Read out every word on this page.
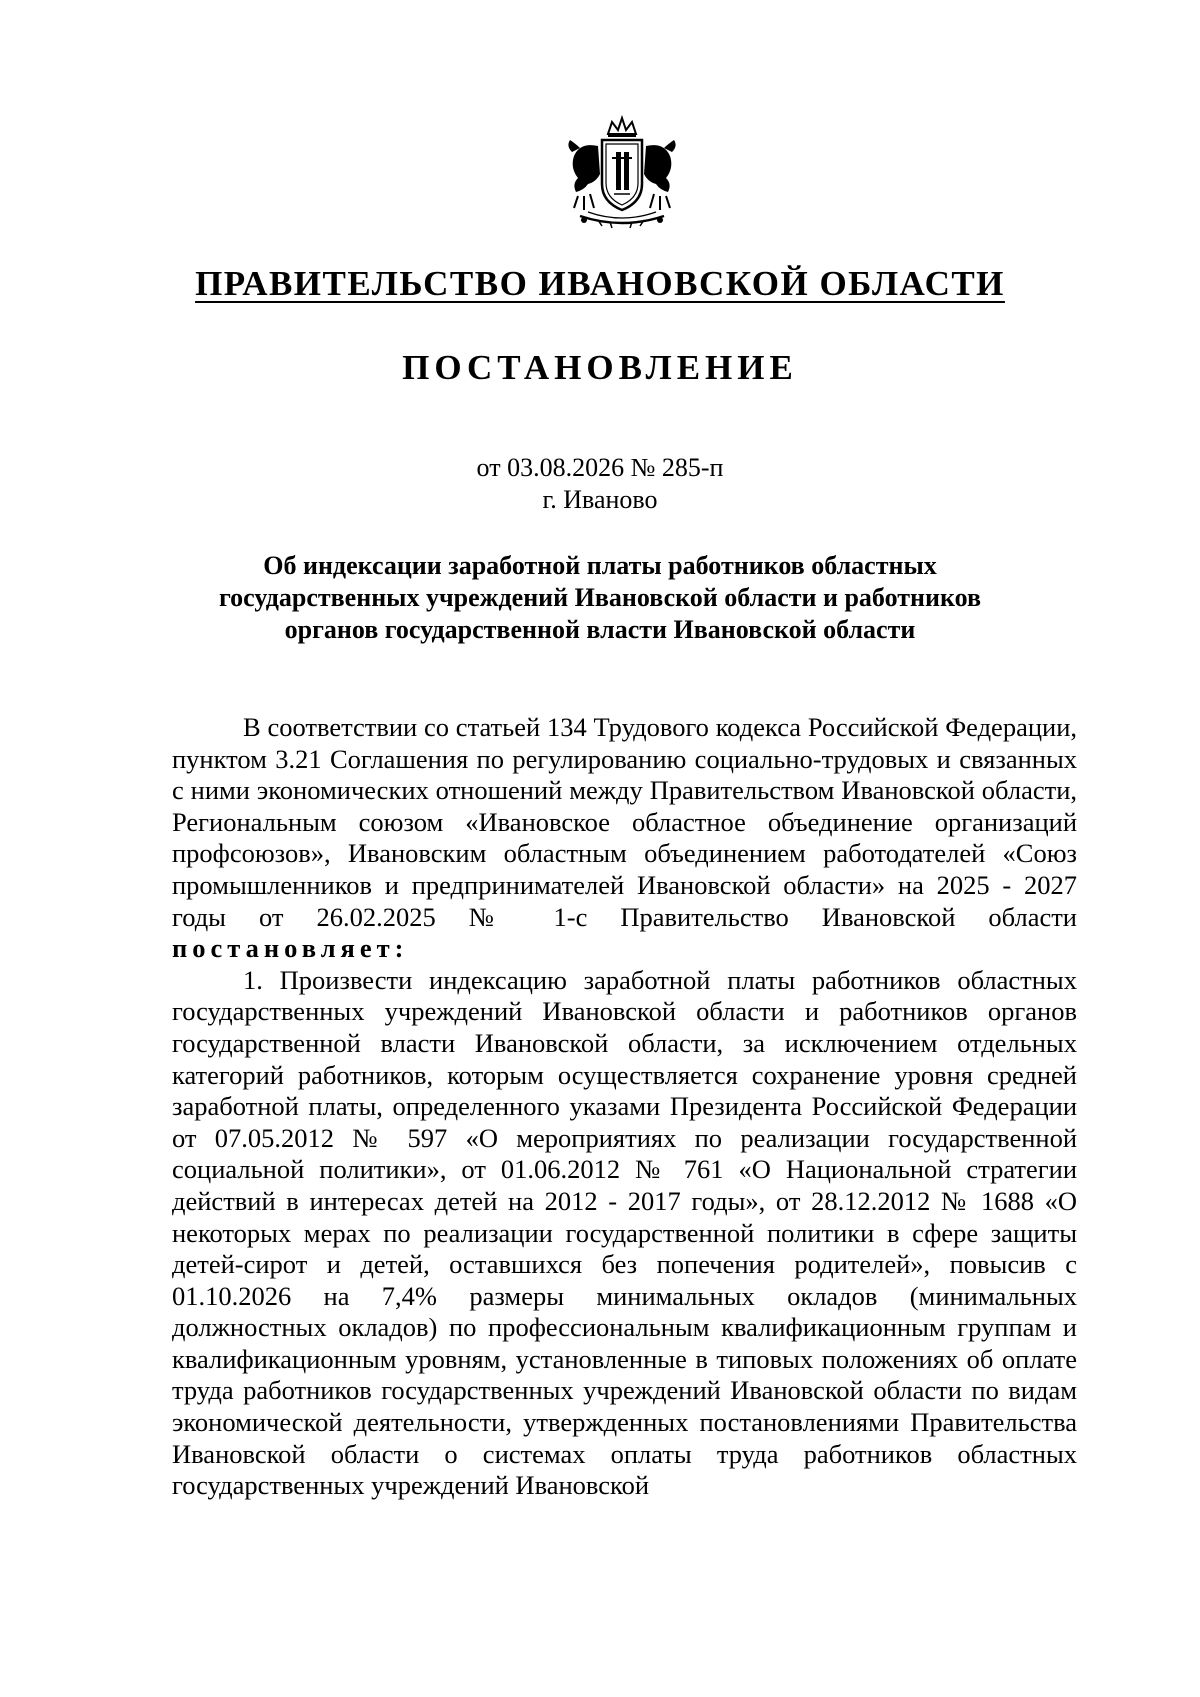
ПРАВИТЕЛЬСТВО ИВАНОВСКОЙ ОБЛАСТИ
ПОСТАНОВЛЕНИЕ
от 03.08.2026 № 285-п
г. Иваново
Об индексации заработной платы работников областных государственных учреждений Ивановской области и работников органов государственной власти Ивановской области

В соответствии со статьей 134 Трудового кодекса Российской Федерации, пунктом 3.21 Соглашения по регулированию социально-трудовых и связанных с ними экономических отношений между Правительством Ивановской области, Региональным союзом «Ивановское областное объединение организаций профсоюзов», Ивановским областным объединением работодателей «Союз промышленников и предпринимателей Ивановской области» на 2025 - 2027 годы от 26.02.2025 № 1-с Правительство Ивановской области постановляет:

1. Произвести индексацию заработной платы работников областных государственных учреждений Ивановской области и работников органов государственной власти Ивановской области, за исключением отдельных категорий работников, которым осуществляется сохранение уровня средней заработной платы, определенного указами Президента Российской Федерации от 07.05.2012 № 597 «О мероприятиях по реализации государственной социальной политики», от 01.06.2012 № 761 «О Национальной стратегии действий в интересах детей на 2012 - 2017 годы», от 28.12.2012 № 1688 «О некоторых мерах по реализации государственной политики в сфере защиты детей-сирот и детей, оставшихся без попечения родителей», повысив с 01.10.2026 на 7,4% размеры минимальных окладов (минимальных должностных окладов) по профессиональным квалификационным группам и квалификационным уровням, установленные в типовых положениях об оплате труда работников государственных учреждений Ивановской области по видам экономической деятельности, утвержденных постановлениями Правительства Ивановской области о системах оплаты труда работников областных государственных учреждений Ивановской
